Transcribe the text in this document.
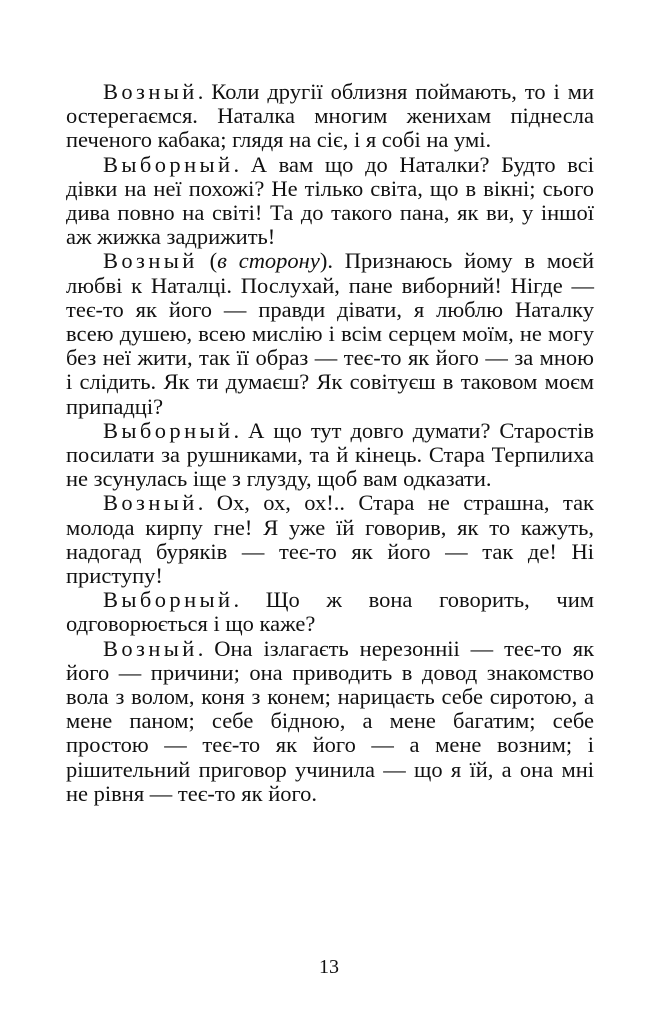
Возный. Коли другії облизня поймають, то і ми остерегаємся. Наталка многим женихам піднесла печеного кабака; глядя на сіє, і я собі на умі.

Выборный. А вам що до Наталки? Будто всі дівки на неї похожі? Не тілько світа, що в вікні; сього дива повно на світі! Та до такого пана, як ви, у іншої аж жижка задрижить!

Возный (в сторону). Признаюсь йому в моєй любві к Наталці. Послухай, пане виборний! Нігде — теє-то як його — правди дівати, я люблю Наталку всею душею, всею мислію і всім серцем моїм, не могу без неї жити, так її образ — теє-то як його — за мною і слідить. Як ти думаєш? Як совітуєш в таковом моєм припадці?

Выборный. А що тут довго думати? Старостів посилати за рушниками, та й кінець. Стара Терпилиха не зсунулась іще з глузду, щоб вам одказати.

Возный. Ох, ох, ох!.. Стара не страшна, так молода кирпу гне! Я уже їй говорив, як то кажуть, надогад буряків — теє-то як його — так де! Ні приступу!

Выборный. Що ж вона говорить, чим одговорюється і що каже?

Возный. Она ізлагаєть нерезонніі — теє-то як його — причини; она приводить в довод знакомство вола з волом, коня з конем; нарицаєть себе сиротою, а мене паном; себе бідною, а мене багатим; себе простою — теє-то як його — а мене возним; і рішительний приговор учинила — що я їй, а она мні не рівня — теє-то як його.

13
